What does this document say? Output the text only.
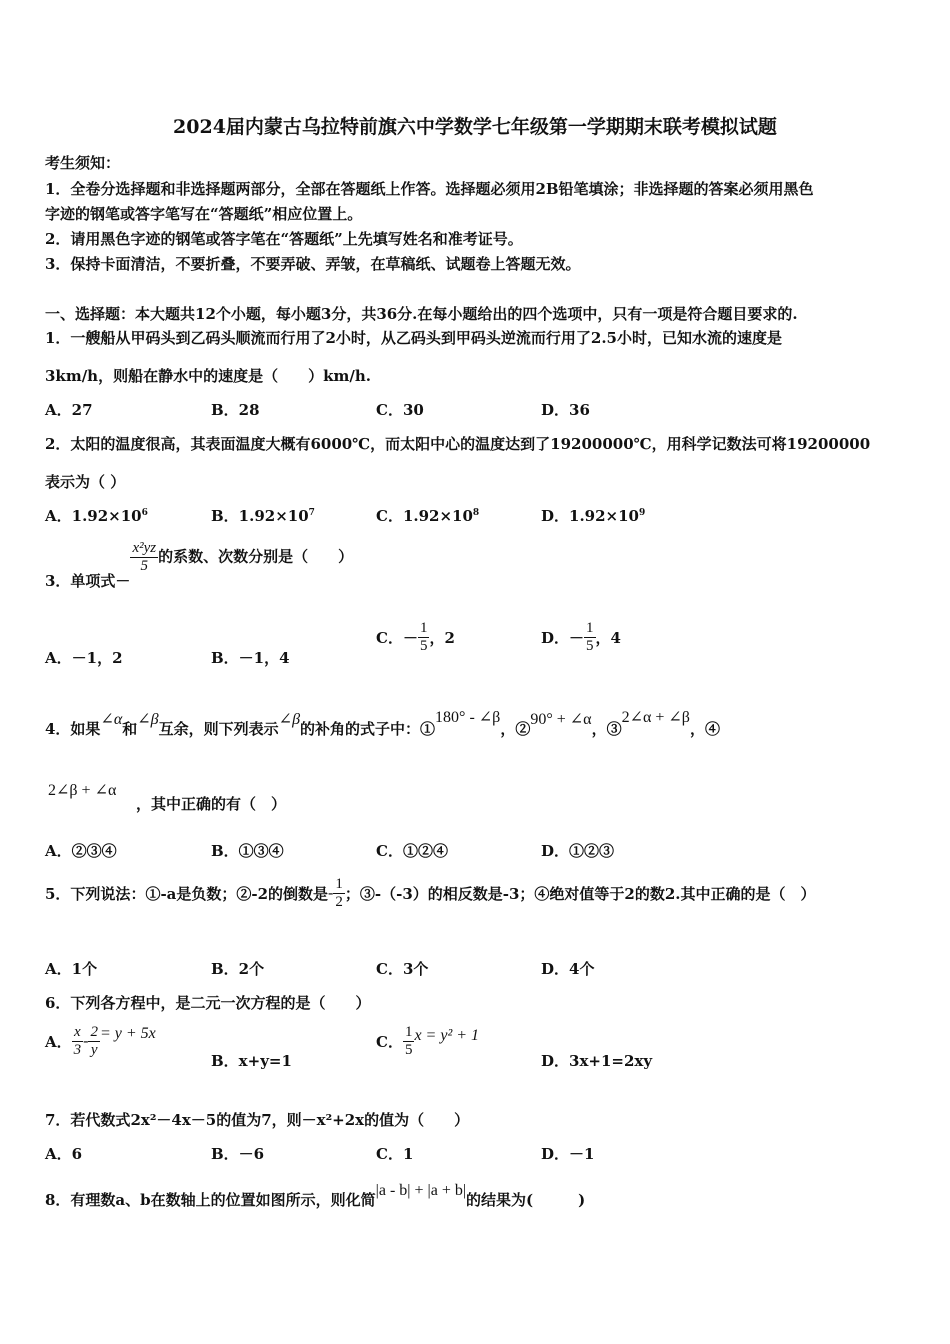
2024届内蒙古乌拉特前旗六中学数学七年级第一学期期末联考模拟试题
考生须知：
1．全卷分选择题和非选择题两部分，全部在答题纸上作答。选择题必须用2B铅笔填涂；非选择题的答案必须用黑色
字迹的钢笔或答字笔写在“答题纸”相应位置上。
2．请用黑色字迹的钢笔或答字笔在“答题纸”上先填写姓名和准考证号。
3．保持卡面清洁，不要折叠，不要弄破、弄皱，在草稿纸、试题卷上答题无效。
一、选择题：本大题共12个小题，每小题3分，共36分.在每小题给出的四个选项中，只有一项是符合题目要求的.
1．一艘船从甲码头到乙码头顺流而行用了2小时，从乙码头到甲码头逆流而行用了2.5小时，已知水流的速度是
3km/h，则船在静水中的速度是（　　）km/h.
A．27	B．28	C．30	D．36
2．太阳的温度很高，其表面温度大概有6000℃，而太阳中心的温度达到了19200000℃，用科学记数法可将19200000
表示为（ ）
A．$1.92\times 10^6$	B．$1.92\times 10^7$	C．$1.92\times 10^8$	D．$1.92\times 10^9$
3．单项式－
$\frac{\text{x²yz}}{5}$ 的系数、次数分别是（　　）
A．－1，2	B．－1，4
C．－ $\frac{1}{5}$ ，2	D．－ $\frac{1}{5}$ ，4
4．如果∠α和∠β互余，则下列表示∠β的补角的式子中：①180° - ∠β，②90° + ∠α，③2∠α + ∠β，④
2∠β + ∠α
，其中正确的有（　）
A．②③④	B．①③④	C．①②④	D．①②③
5．下列说法：①-a是负数；②-2的倒数是- $\frac{1}{2}$ ；③-（-3）的相反数是-3；④绝对值等于2的数2.其中正确的是（　）
A．1个	B．2个	C．3个	D．4个
6．下列各方程中，是二元一次方程的是（　　）
A． $\frac{x}{3} - \frac{2}{y} = y + 5x$
B．x+y=1
C． $\frac{1}{5}$ x = y² + 1
D．3x+1=2xy
7．若代数式2x²－4x－5的值为7，则－x²+2x的值为（　　）
A．6	B．－6	C．1	D．－1
8．有理数a、b在数轴上的位置如图所示，则化简|a - b| + |a + b|的结果为(　　　)
